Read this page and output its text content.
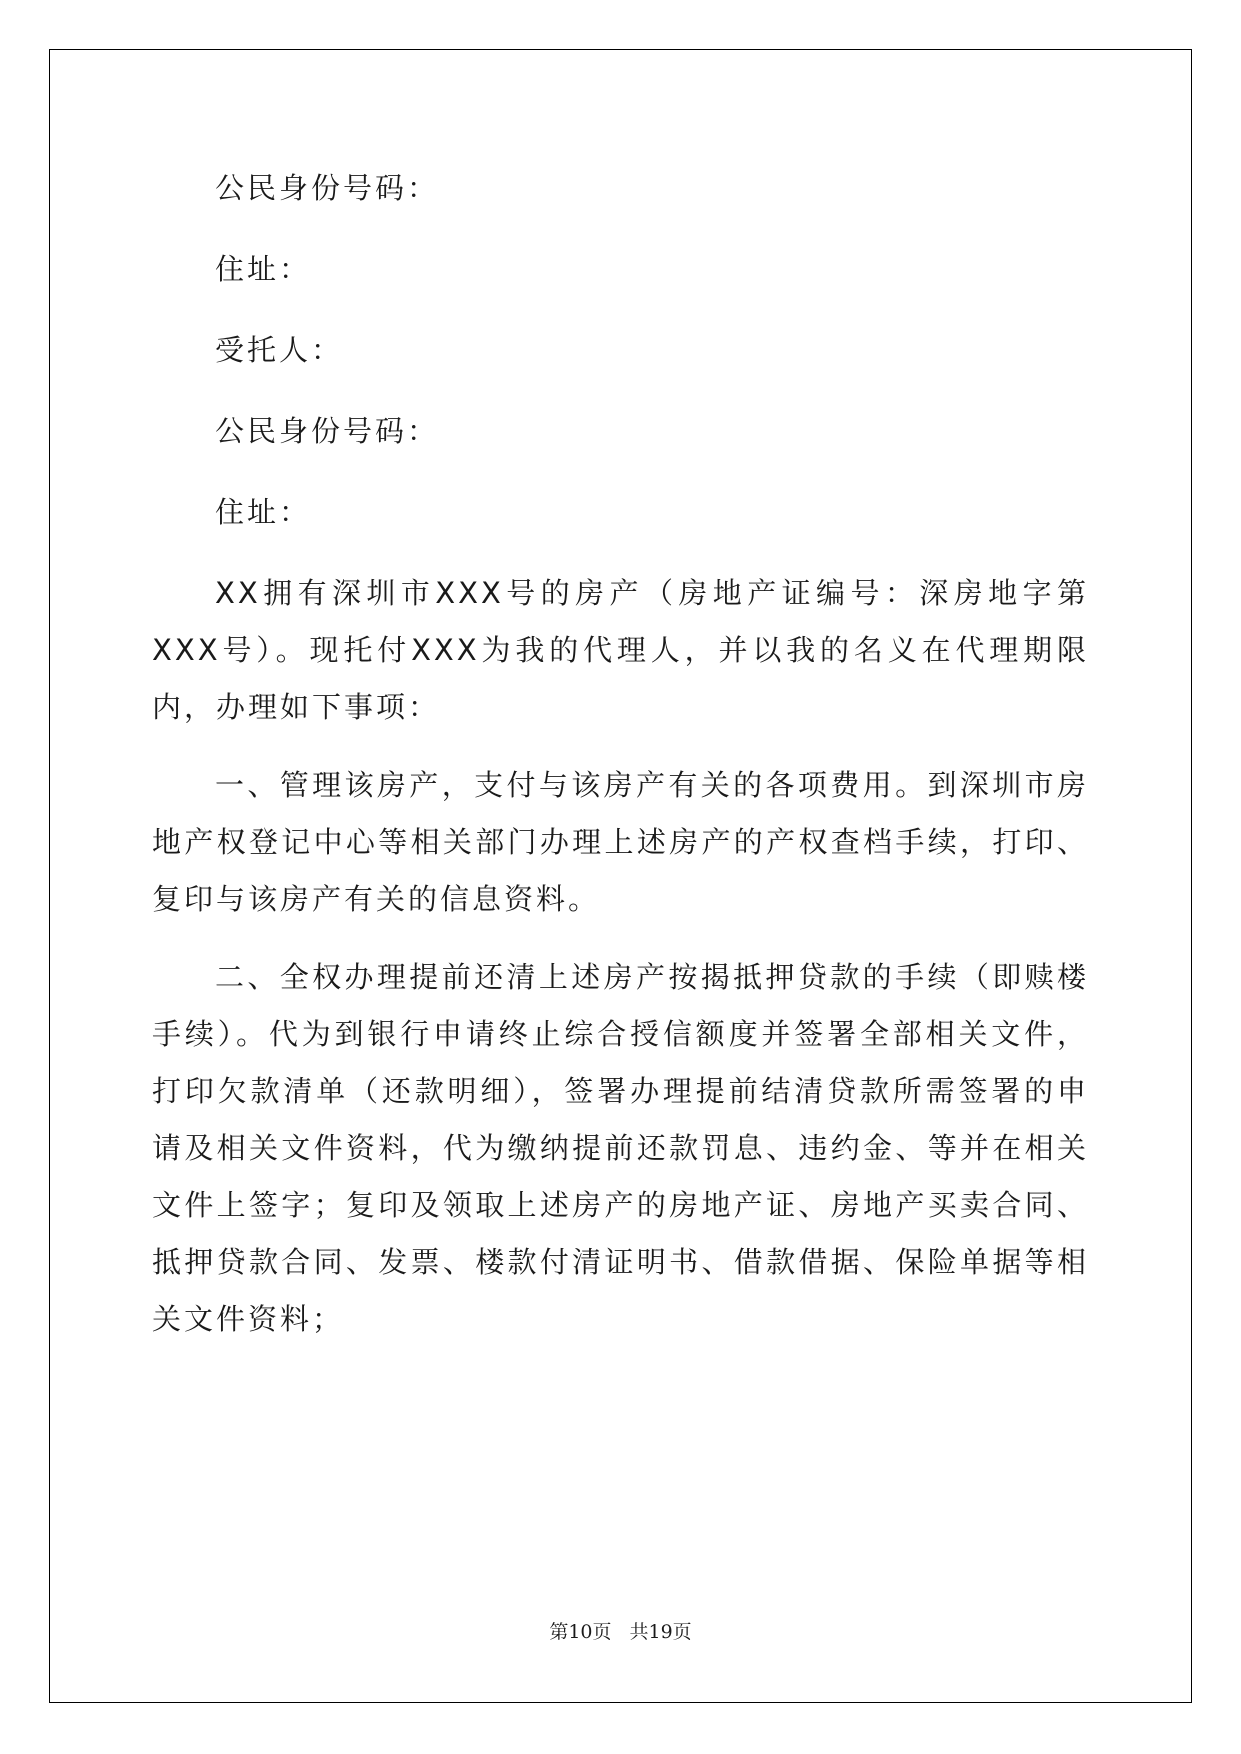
公民身份号码：

住址：

受托人：

公民身份号码：

住址：

XX拥有深圳市XXX号的房产（房地产证编号：深房地字第XXX号）。现托付XXX为我的代理人，并以我的名义在代理期限内，办理如下事项：

一、管理该房产，支付与该房产有关的各项费用。到深圳市房地产权登记中心等相关部门办理上述房产的产权查档手续，打印、复印与该房产有关的信息资料。

二、全权办理提前还清上述房产按揭抵押贷款的手续（即赎楼手续）。代为到银行申请终止综合授信额度并签署全部相关文件，打印欠款清单（还款明细），签署办理提前结清贷款所需签署的申请及相关文件资料，代为缴纳提前还款罚息、违约金、等并在相关文件上签字；复印及领取上述房产的房地产证、房地产买卖合同、抵押贷款合同、发票、楼款付清证明书、借款借据、保险单据等相关文件资料；

第10页 共19页
